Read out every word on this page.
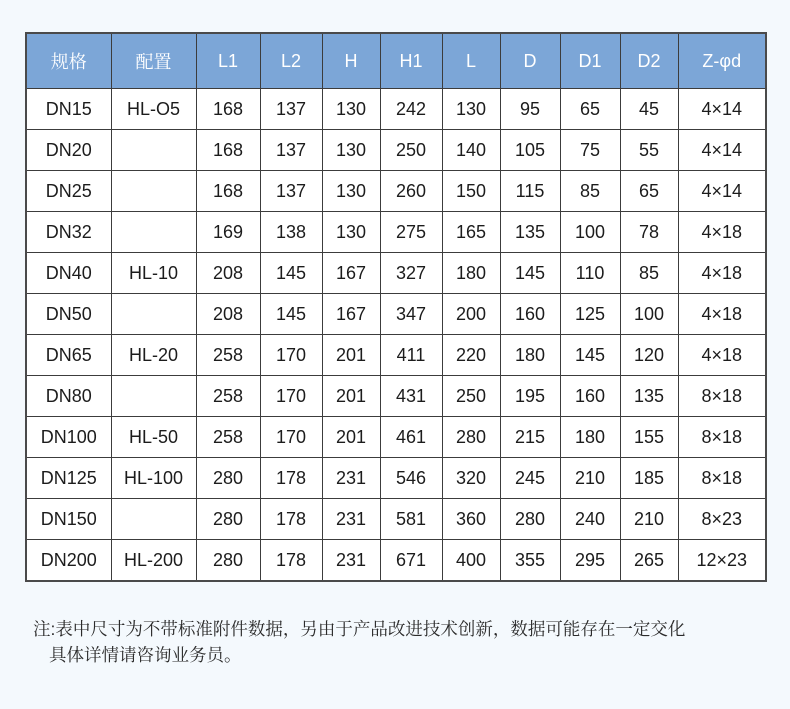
规格	配置	L1	L2	H	H1	L	D	D1	D2	Z-φd
DN15	HL-O5	168	137	130	242	130	95	65	45	4×14
DN20		168	137	130	250	140	105	75	55	4×14
DN25		168	137	130	260	150	115	85	65	4×14
DN32		169	138	130	275	165	135	100	78	4×18
DN40	HL-10	208	145	167	327	180	145	110	85	4×18
DN50		208	145	167	347	200	160	125	100	4×18
DN65	HL-20	258	170	201	411	220	180	145	120	4×18
DN80		258	170	201	431	250	195	160	135	8×18
DN100	HL-50	258	170	201	461	280	215	180	155	8×18
DN125	HL-100	280	178	231	546	320	245	210	185	8×18
DN150		280	178	231	581	360	280	240	210	8×23
DN200	HL-200	280	178	231	671	400	355	295	265	12×23
注:表中尺寸为不带标准附件数据，另由于产品改进技术创新，数据可能存在一定交化
具体详情请咨询业务员。
